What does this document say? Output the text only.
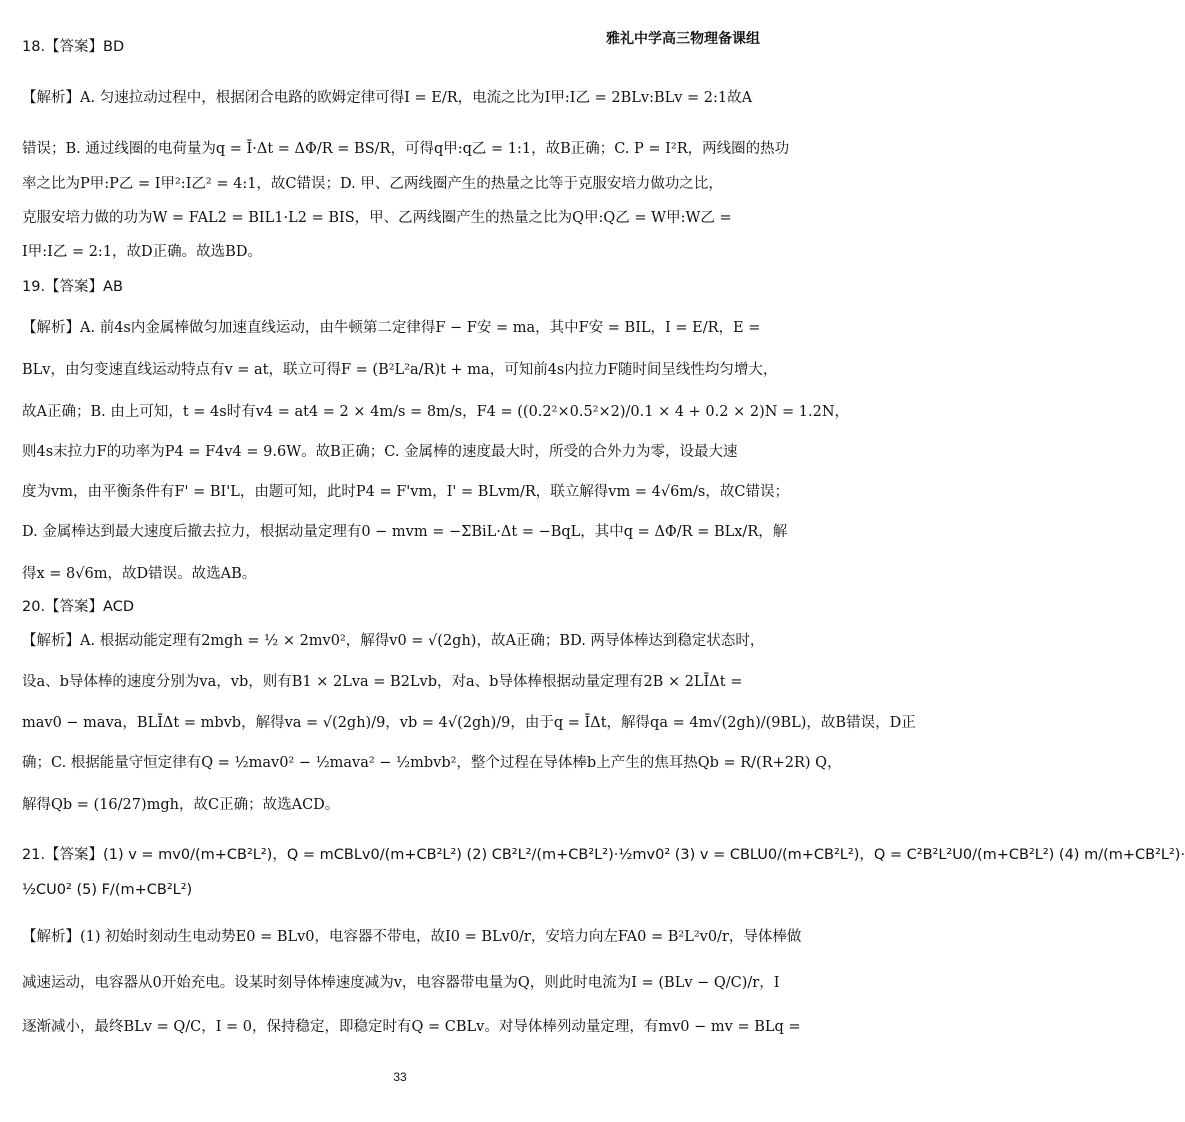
雅礼中学高三物理备课组
18.【答案】BD
【解析】A. 匀速拉动过程中，根据闭合电路的欧姆定律可得I = E/R，电流之比为I甲:I乙 = 2BLv:BLv = 2:1故A
错误；B. 通过线圈的电荷量为q = Ī·Δt = ΔΦ/R = BS/R，可得q甲:q乙 = 1:1，故B正确；C. P = I²R，两线圈的热功
率之比为P甲:P乙 = I甲²:I乙² = 4:1，故C错误；D. 甲、乙两线圈产生的热量之比等于克服安培力做功之比，
克服安培力做的功为W = FAL2 = BIL1·L2 = BIS，甲、乙两线圈产生的热量之比为Q甲:Q乙 = W甲:W乙 =
I甲:I乙 = 2:1，故D正确。故选BD。
19.【答案】AB
【解析】A. 前4s内金属棒做匀加速直线运动，由牛顿第二定律得F − F安 = ma，其中F安 = BIL，I = E/R，E =
BLv，由匀变速直线运动特点有v = at，联立可得F = (B²L²a/R)t + ma，可知前4s内拉力F随时间呈线性均匀增大，
故A正确；B. 由上可知，t = 4s时有v4 = at4 = 2 × 4m/s = 8m/s，F4 = ((0.2²×0.5²×2)/0.1 × 4 + 0.2 × 2)N = 1.2N，
则4s末拉力F的功率为P4 = F4v4 = 9.6W。故B正确；C. 金属棒的速度最大时，所受的合外力为零，设最大速
度为vm，由平衡条件有F' = BI'L，由题可知，此时P4 = F'vm，I' = BLvm/R，联立解得vm = 4√6m/s，故C错误；
D. 金属棒达到最大速度后撤去拉力，根据动量定理有0 − mvm = −ΣBiL·Δt = −BqL，其中q = ΔΦ/R = BLx/R，解
得x = 8√6m，故D错误。故选AB。
20.【答案】ACD
【解析】A. 根据动能定理有2mgh = ½ × 2mv0²，解得v0 = √(2gh)，故A正确；BD. 两导体棒达到稳定状态时，
设a、b导体棒的速度分别为va，vb，则有B1 × 2Lva = B2Lvb，对a、b导体棒根据动量定理有2B × 2LĪΔt =
mav0 − mava，BLĪΔt = mbvb，解得va = √(2gh)/9，vb = 4√(2gh)/9，由于q = ĪΔt，解得qa = 4m√(2gh)/(9BL)，故B错误，D正
确；C. 根据能量守恒定律有Q = ½mav0² − ½mava² − ½mbvb²，整个过程在导体棒b上产生的焦耳热Qb = R/(R+2R) Q，
解得Qb = (16/27)mgh，故C正确；故选ACD。
21.【答案】(1) v = mv0/(m+CB²L²)，Q = mCBLv0/(m+CB²L²) (2) CB²L²/(m+CB²L²)·½mv0² (3) v = CBLU0/(m+CB²L²)，Q = C²B²L²U0/(m+CB²L²) (4) m/(m+CB²L²)·
½CU0² (5) F/(m+CB²L²)
【解析】(1) 初始时刻动生电动势E0 = BLv0，电容器不带电，故I0 = BLv0/r，安培力向左FA0 = B²L²v0/r，导体棒做
减速运动，电容器从0开始充电。设某时刻导体棒速度减为v，电容器带电量为Q，则此时电流为I = (BLv − Q/C)/r，I
逐渐减小，最终BLv = Q/C，I = 0，保持稳定，即稳定时有Q = CBLv。对导体棒列动量定理，有mv0 − mv = BLq =
33
